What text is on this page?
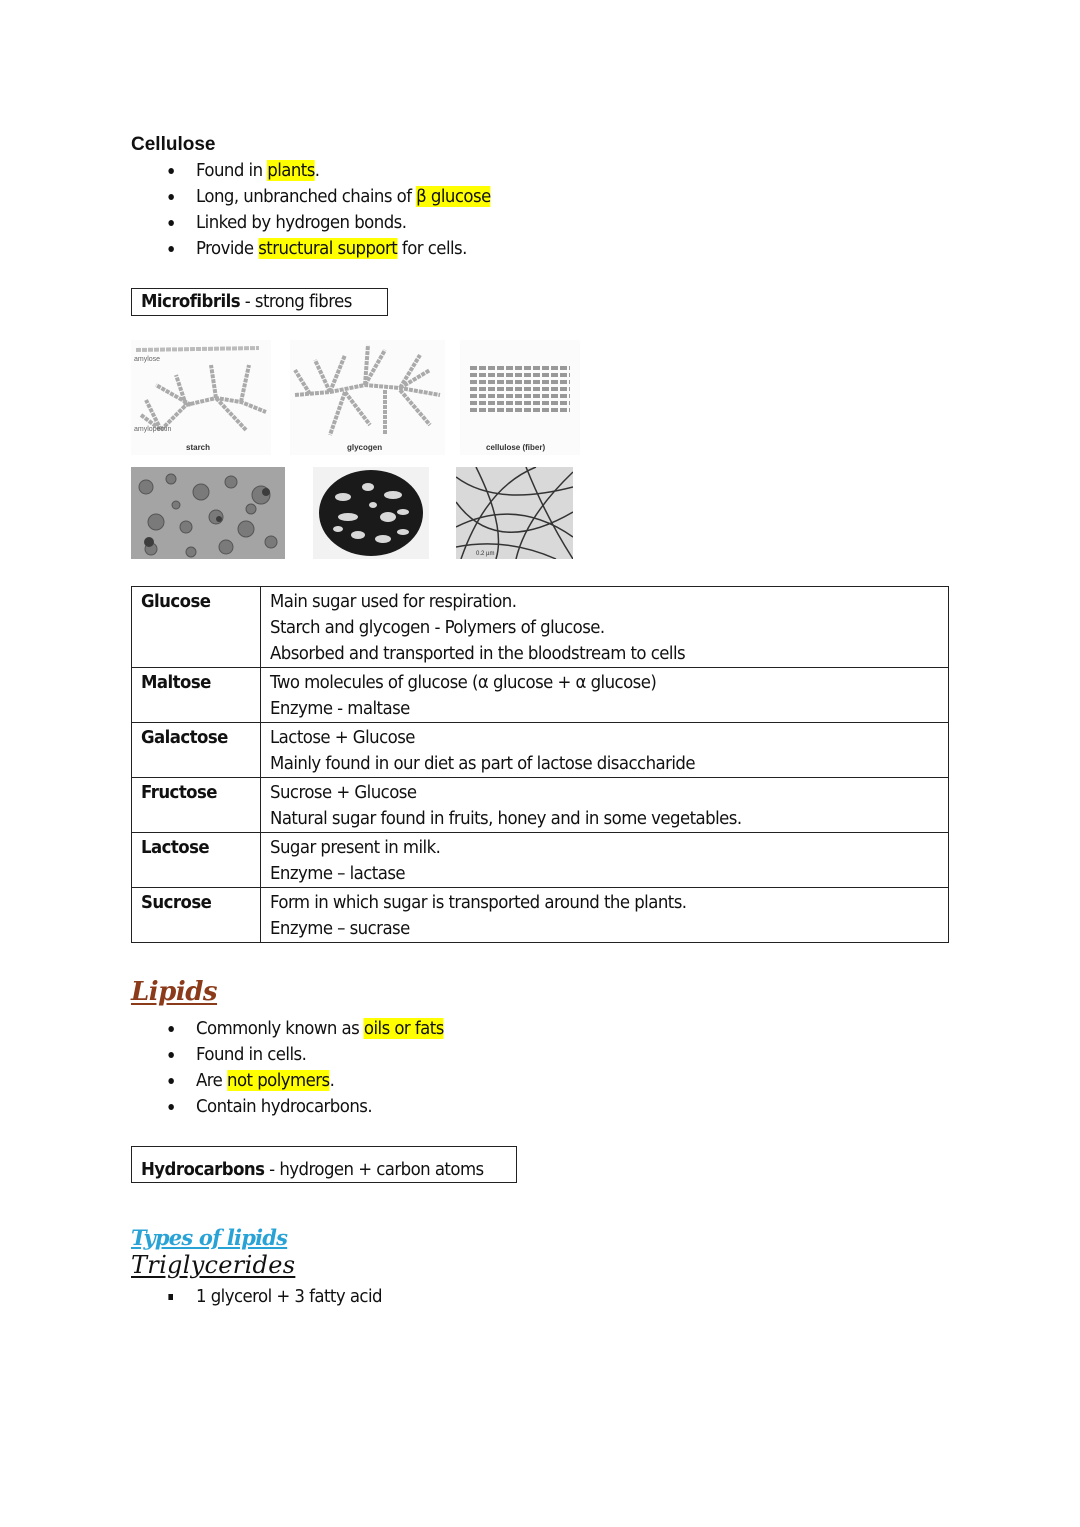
Cellulose
Found in plants.
Long, unbranched chains of β glucose
Linked by hydrogen bonds.
Provide structural support for cells.
Microfibrils - strong fibres
amylose
amylopectin
starch	glycogen	cellulose (fiber)
0.2 µm
Glucose	Main sugar used for respiration.
Starch and glycogen - Polymers of glucose.
Absorbed and transported in the bloodstream to cells

Maltose	Two molecules of glucose (α glucose + α glucose)
Enzyme - maltase

Galactose	Lactose + Glucose
Mainly found in our diet as part of lactose disaccharide

Fructose	Sucrose + Glucose
Natural sugar found in fruits, honey and in some vegetables.

Lactose	Sugar present in milk.
Enzyme – lactase

Sucrose	Form in which sugar is transported around the plants.
Enzyme – sucrase
Lipids
Commonly known as oils or fats
Found in cells.
Are not polymers.
Contain hydrocarbons.
Hydrocarbons - hydrogen + carbon atoms
Types of lipids
Triglycerides
1 glycerol + 3 fatty acid
